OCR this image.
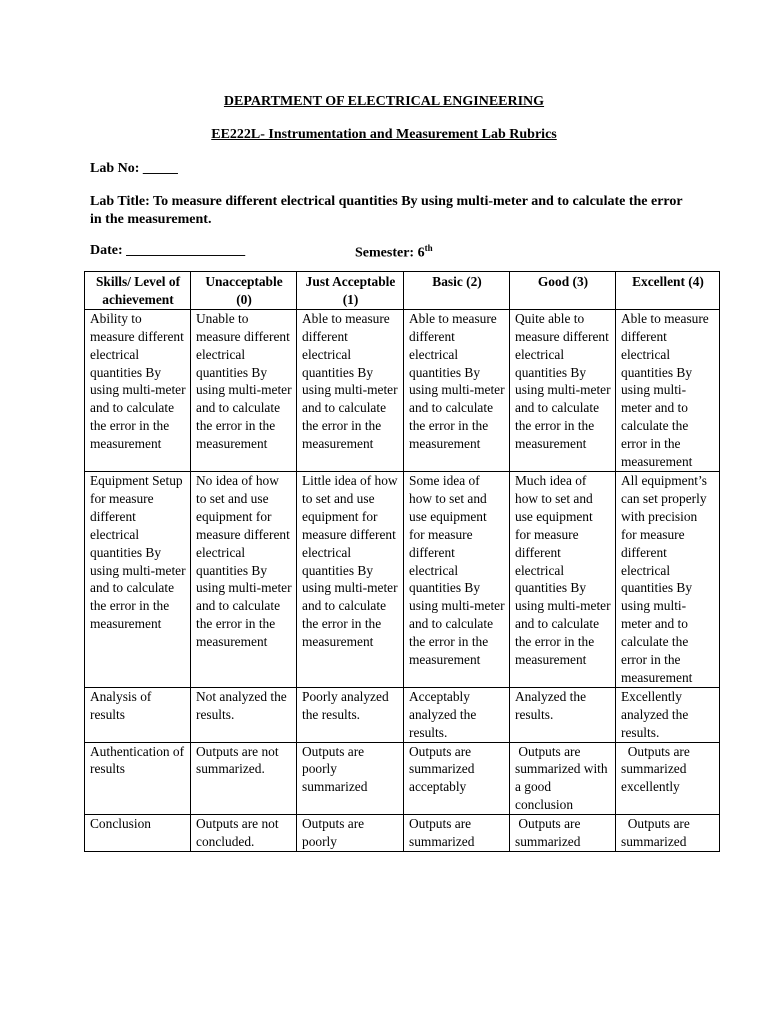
DEPARTMENT OF ELECTRICAL ENGINEERING
EE222L- Instrumentation and Measurement Lab Rubrics
Lab No: _____
Lab Title: To measure different electrical quantities By using multi-meter and to calculate the error in the measurement.
Date: _________________	Semester: 6th
Skills/ Level of achievement	Unacceptable (0)	Just Acceptable (1)	Basic (2)	Good (3)	Excellent (4)
Ability to measure different electrical quantities By using multi-meter and to calculate the error in the measurement	Unable to measure different electrical quantities By using multi-meter and to calculate the error in the measurement	Able to measure different electrical quantities By using multi-meter and to calculate the error in the measurement	Able to measure different electrical quantities By using multi-meter and to calculate the error in the measurement	Quite able to measure different electrical quantities By using multi-meter and to calculate the error in the measurement	Able to measure different electrical quantities By using multi-meter and to calculate the error in the measurement
Equipment Setup for measure different electrical quantities By using multi-meter and to calculate the error in the measurement	No idea of how to set and use equipment for measure different electrical quantities By using multi-meter and to calculate the error in the measurement	Little idea of how to set and use equipment for measure different electrical quantities By using multi-meter and to calculate the error in the measurement	Some idea of how to set and use equipment for measure different electrical quantities By using multi-meter and to calculate the error in the measurement	Much idea of how to set and use equipment for measure different electrical quantities By using multi-meter and to calculate the error in the measurement	All equipment’s can set properly with precision for measure different electrical quantities By using multi-meter and to calculate the error in the measurement
Analysis of results	Not analyzed the results.	Poorly analyzed the results.	Acceptably analyzed the results.	Analyzed the results.	Excellently analyzed the results.
Authentication of results	Outputs are not summarized.	Outputs are poorly summarized	Outputs are summarized acceptably	Outputs are summarized with a good conclusion	Outputs are summarized excellently
Conclusion	Outputs are not concluded.	Outputs are poorly	Outputs are summarized	Outputs are summarized	Outputs are summarized
